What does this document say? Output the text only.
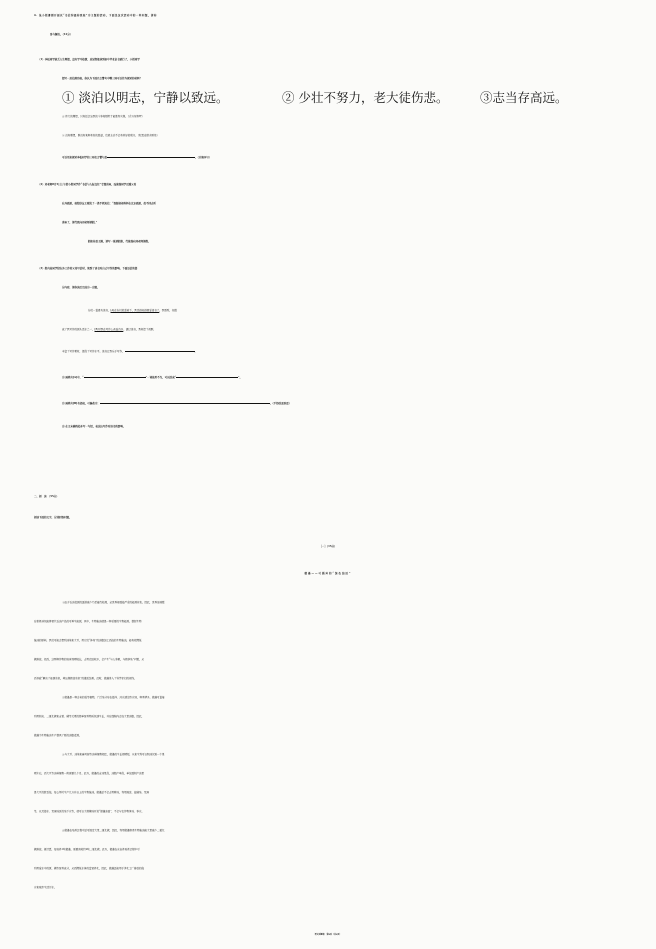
4. 某小组暑期开展以“书信沟通你我他”为主题的活动。下面是这次活动中的一些问题，请你

参与解决。（12分）

（1）李松同学缺乏人生理想，没有学习热情，总觉得能拿到初中毕业证书就行了，小组同学

想写一封信规劝他。你认为下面名言警句中哪三则可以作为规劝的材料？

① 淡泊以明志，宁静以致远。	② 少壮不努力，老大徒伤悲。	③志当存高远。

④ 伟大的理想，只有经过忘我的斗争和牺牲才能胜利实现。（乔万尼奥罗）

⑤ 没有理想，即没有某种美好的愿望，也就永远不会有美好的现实。（陀思妥耶夫斯基）

可以用来规劝李松同学的三则名言警句是	。（只填序号）

（2）刘老师8月5日上午给小组同学作“书信与人际交往”专题讲座，而张强同学正随父母

在外旅游，他给好友王刚发了一条手机短信：“我跟爸爸妈妈在北京旅游，赶不回去听

讲座了，请代我向刘老师请假。”

假如你是王刚，请写一张请假条，代张强向刘老师请假。

（3）组内某同学给在外工作的父母写信时，谈到了读书对自己写作的影响。下面是信的部

分内容，请你读后完成①－③题。

你们一直喜欢读书，[A]在你们的熏染下，我也越来越喜爱读书了。我感到，书籍

成了我写作的源头活水之一，[B]对我在写作上获益良多。通过读书，我拓宽了视野，

丰富了写作素材，提高了写作水平。读书让我乐于写作，	。

① 画线句[A]中，“	”一词使用不当，可以改成“	”。

② 画线句[B]有语病，可修改为：	。（不得改变原意）

③ 在文末横线处补写一句话，表达出写作对读书的影响。

二、阅　读　（55分）

阅读下面的文字，分别回答问题。

［一］（15分）

微藻——可循环的“绿色油田”

①由于石油资源的逐渐减少乃至最终枯竭，全世界将面临严重的能源危机。因此，世界各国都

在积极寻找能够替代石油产品的可再生能源，其中，生物柴油就是一种重要的生物能源。提起生物

柴油的原料，我们可能会想到油菜和大豆，用它们“体内”的油脂加工而成的生物柴油，能有效降低

碳排放。然而，这两种作物的培育周期较长，占用农田较多，会产生“与人争粮，与粮争地”问题，从

而导致“解决了能源危机，却出现粮食危机”的尴尬结果。此时，微藻进入了科学家们的视线。

②微藻是一种古老的低等植物，广泛地分布在海洋、淡水湖泊等水域，种类繁多。微藻可直接

利用阳光、二氧化碳和含氮、磷等元素的简单营养物质快速生长，并在细胞内合成大量油脂。因此，

微藻为生物柴油生产提供了新的油脂资源。

③与大豆、油菜和麻风树等油料植物相比，微藻的生长周期短，从和生到可以制油仅需一个星

期左右，而大豆等油料植物一般需要几个月。此外，微藻的含油量高，油脂产率高，单位面积产油量

是大豆的数百倍，每公顷可生产几万升以上的生物柴油。微藻还不会占用耕地，利用滩涂、盐碱地、荒漠

等，以及海水、荒漠地区的地下水等，就可以大规模地开发“微藻油田”，不会与农作物争地、争水。

④微藻在培养过程中还可固定大量二氧化碳，因此，利用微藻制造生物柴油能大量减少二氧化

碳排放。据计算，每培养1吨微藻，需要消耗约2吨二氧化碳。此外，微藻在光自养培养过程中可

利用废水中的氮、磷等营养成分，从而降低水体的富营养化，因此，微藻还能用于净化工厂排放的废

水和城市生活污水。

语文试题卷　第2页（共4页）
